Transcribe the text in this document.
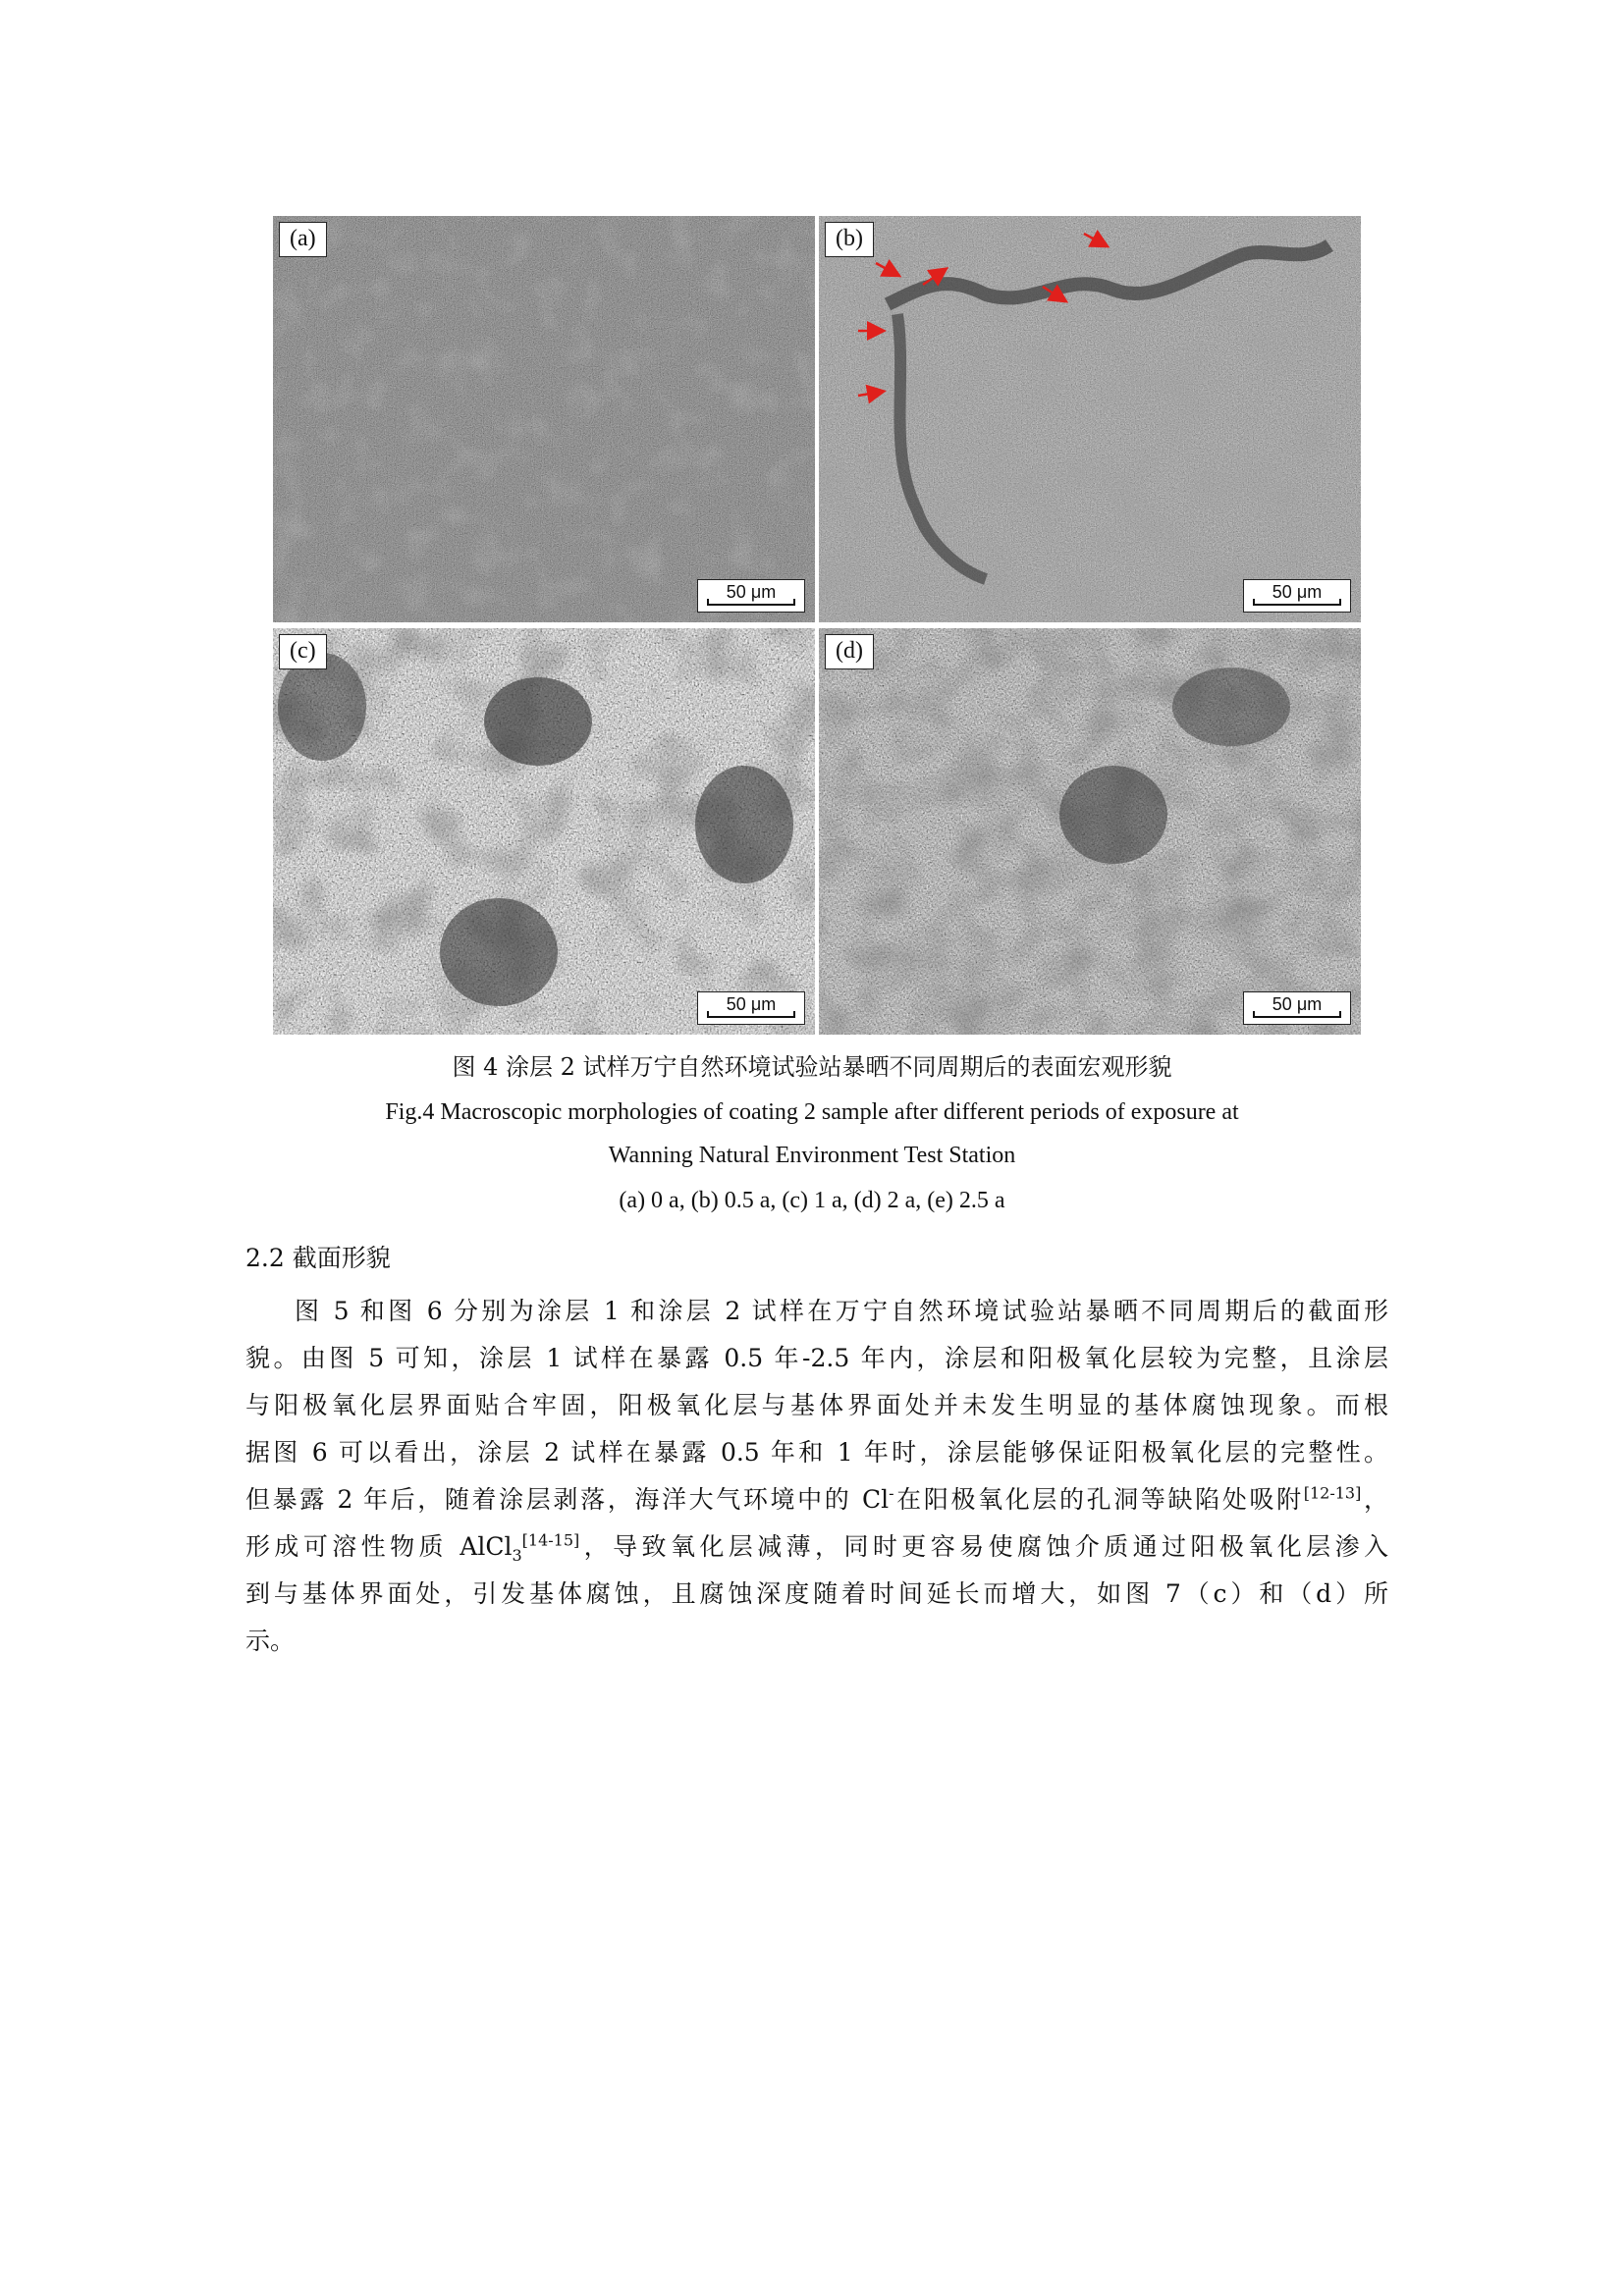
(a)
50 μm
(b)
50 μm
(c)
50 μm
(d)
50 μm
图 4 涂层 2 试样万宁自然环境试验站暴晒不同周期后的表面宏观形貌
Fig.4 Macroscopic morphologies of coating 2 sample after different periods of exposure at
Wanning Natural Environment Test Station
(a) 0 a, (b) 0.5 a, (c) 1 a, (d) 2 a, (e) 2.5 a
2.2 截面形貌
图 5 和图 6 分别为涂层 1 和涂层 2 试样在万宁自然环境试验站暴晒不同周期后的截面形
貌。由图 5 可知，涂层 1 试样在暴露 0.5 年-2.5 年内，涂层和阳极氧化层较为完整，且涂层
与阳极氧化层界面贴合牢固，阳极氧化层与基体界面处并未发生明显的基体腐蚀现象。而根
据图 6 可以看出，涂层 2 试样在暴露 0.5 年和 1 年时，涂层能够保证阳极氧化层的完整性。
但暴露 2 年后，随着涂层剥落，海洋大气环境中的 Cl-在阳极氧化层的孔洞等缺陷处吸附[12-13]，
形成可溶性物质 AlCl$_3$[14-15]，导致氧化层减薄，同时更容易使腐蚀介质通过阳极氧化层渗入
到与基体界面处，引发基体腐蚀，且腐蚀深度随着时间延长而增大，如图 7（c）和（d）所
示。
